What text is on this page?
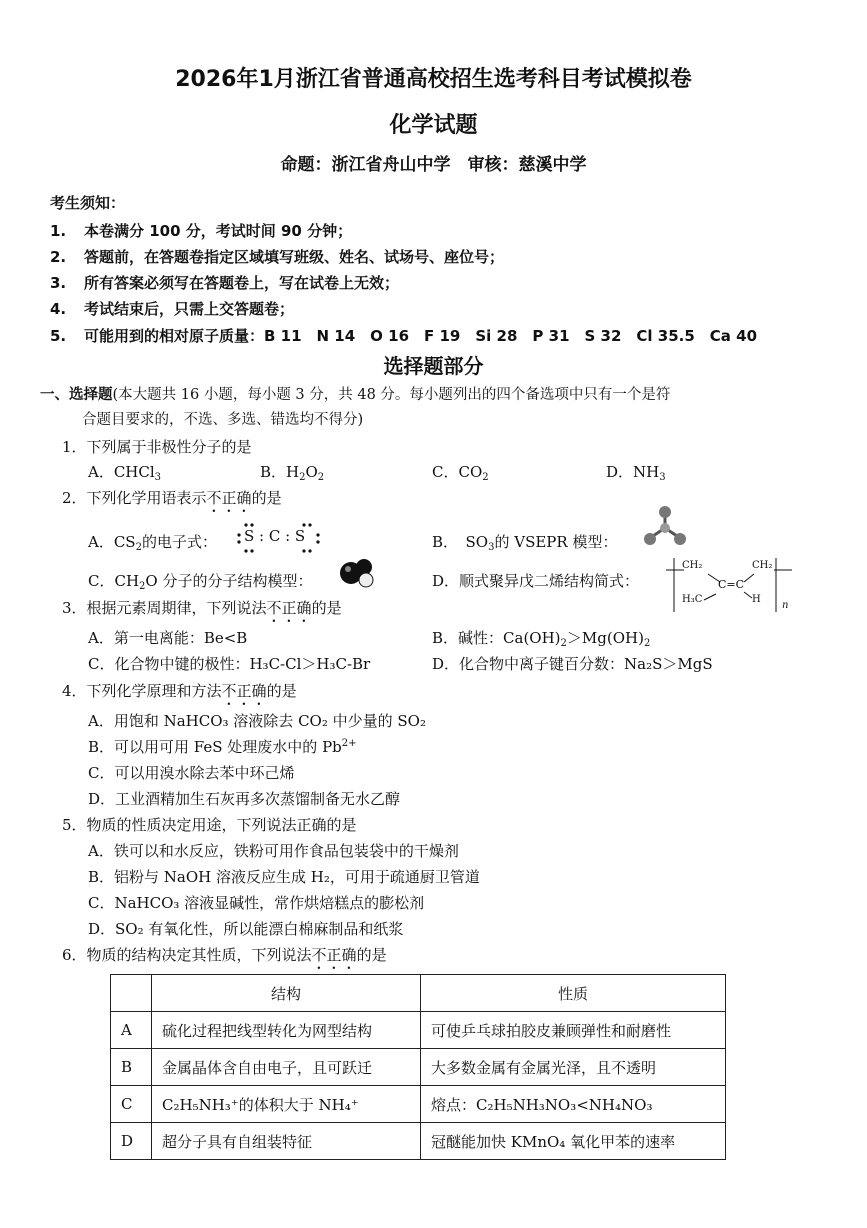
2026年1月浙江省普通高校招生选考科目考试模拟卷
化学试题
命题：浙江省舟山中学　审核：慈溪中学
考生须知：
1. 本卷满分 100 分，考试时间 90 分钟；
2. 答题前，在答题卷指定区域填写班级、姓名、试场号、座位号；
3. 所有答案必须写在答题卷上，写在试卷上无效；
4. 考试结束后，只需上交答题卷；
5. 可能用到的相对原子质量：B 11　N 14　O 16　F 19　Si 28　P 31　S 32　Cl 35.5　Ca 40
选择题部分
一、选择题(本大题共 16 小题，每小题 3 分，共 48 分。每小题列出的四个备选项中只有一个是符
合题目要求的，不选、多选、错选均不得分)
1．下列属于非极性分子的是
A．CHCl$_3$	B．$H_2O_2$	C．$CO_2$	D．$NH_3$
2．下列化学用语表示不正确的是
A．$CS_2$的电子式： S : C : S	B．　$SO_3$的 VSEPR 模型：
C．$CH_2O$ 分子的分子结构模型：	D．顺式聚异戊二烯结构简式：
CH₂	CH₂
C=C
H₃C	H
n
3．根据元素周期律，下列说法不正确的是
A．第一电离能：Be<B	B．碱性：$Ca(OH)_2>Mg(OH)_2$
C．化合物中键的极性：H₃C-Cl＞H₃C-Br	D．化合物中离子键百分数：Na₂S＞MgS
4．下列化学原理和方法不正确的是
A．用饱和 NaHCO₃ 溶液除去 CO₂ 中少量的 SO₂
B．可以用可用 FeS 处理废水中的 $Pb^{2+}$
C．可以用溴水除去苯中环己烯
D．工业酒精加生石灰再多次蒸馏制备无水乙醇
5．物质的性质决定用途，下列说法正确的是
A．铁可以和水反应，铁粉可用作食品包装袋中的干燥剂
B．铝粉与 NaOH 溶液反应生成 H₂，可用于疏通厨卫管道
C．NaHCO₃ 溶液显碱性，常作烘焙糕点的膨松剂
D．SO₂ 有氧化性，所以能漂白棉麻制品和纸浆
6．物质的结构决定其性质，下列说法不正确的是
	结构	性质
A	硫化过程把线型转化为网型结构	可使乒乓球拍胶皮兼顾弹性和耐磨性
B	金属晶体含自由电子，且可跃迁	大多数金属有金属光泽，且不透明
C	C₂H₅NH₃⁺的体积大于 NH₄⁺	熔点：C₂H₅NH₃NO₃<NH₄NO₃
D	超分子具有自组装特征	冠醚能加快 KMnO₄ 氧化甲苯的速率
